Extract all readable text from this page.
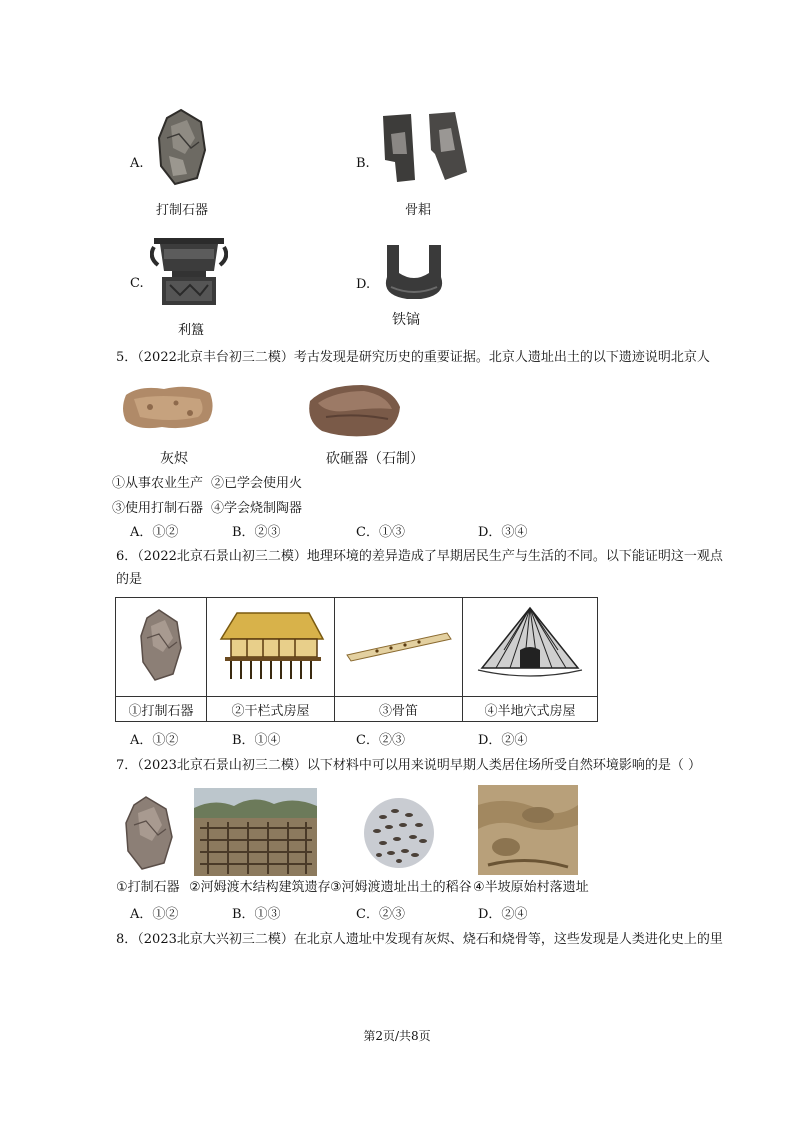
A.
打制石器
B.
骨耜
C.
利簋
D.
铁镐
5．（2022北京丰台初三二模）考古发现是研究历史的重要证据。北京人遗址出土的以下遗迹说明北京人
灰烬	砍砸器（石制）
①从事农业生产 ②已学会使用火
③使用打制石器 ④学会烧制陶器
A．①②	B．②③	C．①③	D．③④
6．（2022北京石景山初三二模）地理环境的差异造成了早期居民生产与生活的不同。以下能证明这一观点
的是

①打制石器	②干栏式房屋	③骨笛	④半地穴式房屋
A．①②	B．①④	C．②③	D．②④
7．（2023北京石景山初三二模）以下材料中可以用来说明早期人类居住场所受自然环境影响的是（ ）
①打制石器 ②河姆渡木结构建筑遗存 ③河姆渡遗址出土的稻谷 ④半坡原始村落遗址
A．①②	B．①③	C．②③	D．②④
8．（2023北京大兴初三二模）在北京人遗址中发现有灰烬、烧石和烧骨等，这些发现是人类进化史上的里
第2页/共8页
